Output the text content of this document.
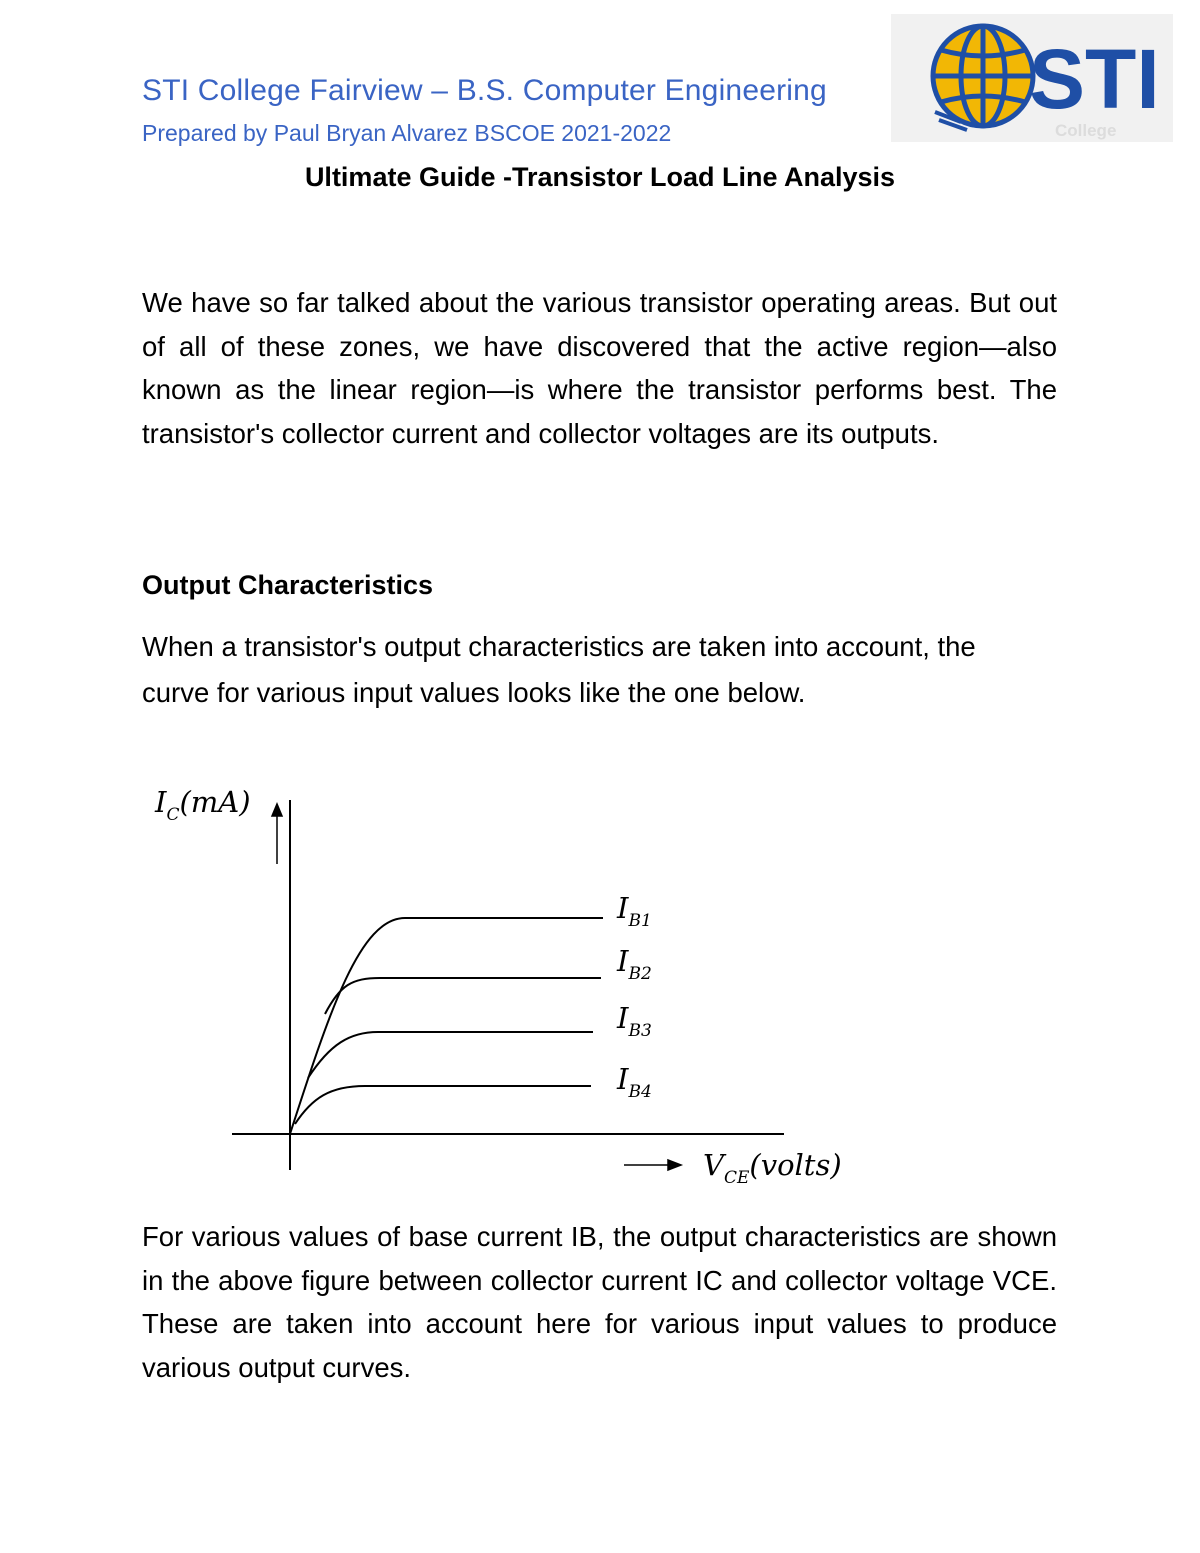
STI College Fairview – B.S. Computer Engineering
Prepared by Paul Bryan Alvarez BSCOE 2021-2022
STI
College
Ultimate Guide -Transistor Load Line Analysis

We have so far talked about the various transistor operating areas. But out of all of these zones, we have discovered that the active region—also known as the linear region—is where the transistor performs best. The transistor's collector current and collector voltages are its outputs.

Output Characteristics

When a transistor's output characteristics are taken into account, the curve for various input values looks like the one below.

$I_C(mA)$
$I_{B1}$
$I_{B2}$
$I_{B3}$
$I_{B4}$
$V_{CE}(volts)$

For various values of base current IB, the output characteristics are shown in the above figure between collector current IC and collector voltage VCE. These are taken into account here for various input values to produce various output curves.
